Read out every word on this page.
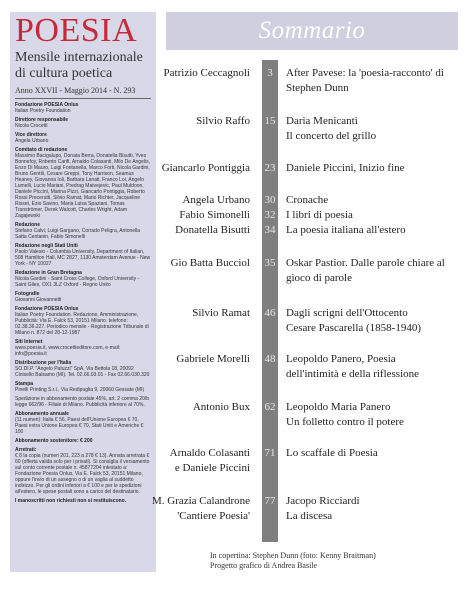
POESIA
Mensile internazionale di cultura poetica
Anno XXVII - Maggio 2014 - N. 293
Fondazione POESIA Onlus
Italian Poetry Foundation
Direttore responsabile
Nicola Crocetti
Vice direttore
Angela Urbano
Comitato di redazione
Massimo Bacigalupo, Donata Berra, Donatella Bisutti, Yves Bonnefoy, Roberto Carifi, Arnaldo Colasanti, Milo De Angelis, Enzo Di Mauro, Luigi Fontanella, Marco Forti, Nicola Gardini, Bruno Gentili, Cesare Greppi, Tony Harrison, Seamus Heaney, Giovanna Ioli, Barbara Lanati, Franco Loi, Angelo Lumelli, Lucio Mariani, Predrag Matvejevic, Paul Muldoon, Daniele Piccini, Marina Pizzi, Giancarlo Pontiggia, Roberto Rossi Precerutti, Silvio Ramat, Mario Richter, Jacqueline Risset, Ezio Savino, Maria Luisa Spaziani, Tomas Tranströmer, Derek Walcott, Charles Wright, Adam Zagajewski
Redazione
Stefano Calvi, Luigi Gargano, Corrado Peligra, Antonella Satta Centanin, Fabio Simonelli
Redazione negli Stati Uniti
Paolo Valesio - Columbia University, Department of Italian, 508 Hamilton Hall, MC 2827, 1130 Amsterdam Avenue - New York - NY 10027
Redazione in Gran Bretagna
Nicola Gardini - Saint Cross College, Oxford University - Saint Giles, OX1 3LZ Oxford - Regno Unito
Fotografie
Giovanni Giovannetti
Fondazione POESIA Onlus
Italian Poetry Foundation. Redazione, Amministrazione, Pubblicità: Via E. Falck 53, 20151 Milano. telefono: 02.38.36.227. Periodico mensile - Registrazione Tribunale di Milano n. 872 del 28-12-1987
Siti Internet
www.poesia.it, www.crocettieditore.com, e-mail: info@poesia.it
Distribuzione per l'Italia
SO.DI.P. "Angelo Patuzzi" SpA, Via Bettola 18, 20092 Cinisello Balsamo (MI). Tel. 02.66.03.01 - Fax 02.66.030.320
Stampa
Pinelli Printing S.r.l., Via Redipuglia 9, 20060 Gessate (MI)
Spedizione in abbonamento postale 45%, art. 2 comma 20/b legge 662/96 - Filiale di Milano. Pubblicità inferiore al 70%.
Abbonamento annuale
(11 numeri): Italia € 56, Paesi dell'Unione Europea € 70, Paesi extra Unione Europea € 70, Stati Uniti e Americhe € 100
Abbonamento sostenitore: € 200
Arretrati:
€ 8 la copia (numeri 201, 223 a 278 € 13). Annata arretrata € 60 (offerta valida solo per i privati). Si consiglia il versamento sul conto corrente postale n. 45877204 intestato a: Fondazione Poesia Onlus, Via E. Falck 53, 20151 Milano, oppure l'invio di un assegno o di un vaglia al suddetto indirizzo. Per gli ordini inferiori a € 100 e per le spedizioni all'estero, le spese postali sono a carico del destinatario.
I manoscritti non richiesti non si restituiscono.
Sommario
Patrizio Ceccagnoli	3	After Pavese: la 'poesia-racconto' di Stephen Dunn
Silvio Raffo 15 Daria Menicanti
Il concerto del grillo
Giancarlo Pontiggia 23 Daniele Piccini, Inizio fine
Angela Urbano 30 Cronache
Fabio Simonelli 32 I libri di poesia
Donatella Bisutti 34 La poesia italiana all'estero
Gio Batta Bucciol 35 Oskar Pastior. Dalle parole chiare al gioco di parole
Silvio Ramat 46 Dagli scrigni dell'Ottocento
Cesare Pascarella (1858-1940)
Gabriele Morelli 48 Leopoldo Panero, Poesia
dell'intimità e della riflessione
Antonio Bux 62 Leopoldo Maria Panero
Un folletto contro il potere
Arnaldo Colasanti
e Daniele Piccini
71 Lo scaffale di Poesia
M. Grazia Calandrone
'Cantiere Poesia'
77 Jacopo Ricciardi
La discesa
In copertina: Stephen Dunn (foto: Kenny Braitman)
Progetto grafico di Andrea Basile
